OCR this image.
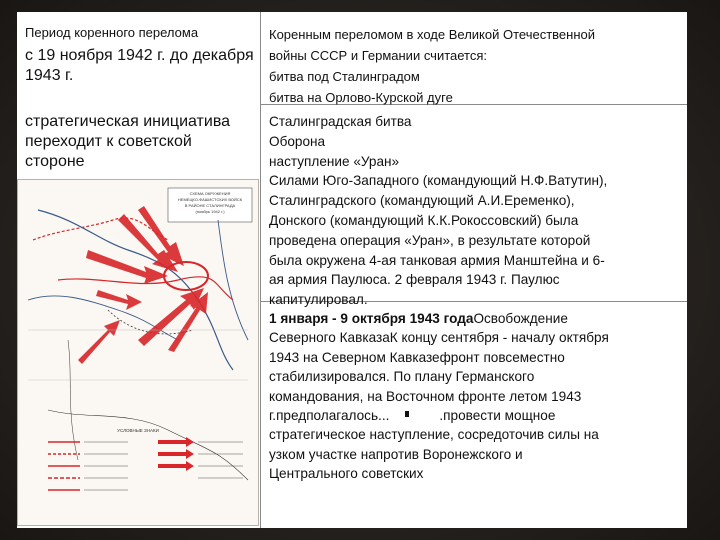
Период коренного перелома
с 19 ноября 1942 г. до декабря 1943 г.
стратегическая инициатива переходит к советской стороне
Коренным переломом в ходе Великой Отечественной
войны СССР и Германии считается:
битва под Сталинградом
битва на Орлово-Курской дуге
Сталинградская битва
Оборона
наступление «Уран»
Силами Юго-Западного (командующий Н.Ф.Ватутин),
Сталинградского (командующий А.И.Еременко),
Донского (командующий К.К.Рокоссовский) была
проведена операция «Уран», в результате которой
была окружена 4-ая танковая армия Манштейна и 6-
ая армия Паулюса. 2 февраля 1943 г. Паулюс
капитулировал.
1 января - 9 октября 1943 годаОсвобождение
Северного КавказаК концу сентября - началу октября
1943 на Северном Кавказефронт повсеместно
стабилизировался. По плану Германского
командования, на Восточном фронте летом 1943
г.предполагалось...	.провести мощное
стратегическое наступление, сосредоточив силы на
узком участке напротив Воронежского и
Центрального советских
СХЕМА ОКРУЖЕНИЯ
НЕМЕЦКО-ФАШИСТСКИХ ВОЙСК
В РАЙОНЕ СТАЛИНГРАДА
(ноябрь 1942 г.)
УСЛОВНЫЕ ЗНАКИ
